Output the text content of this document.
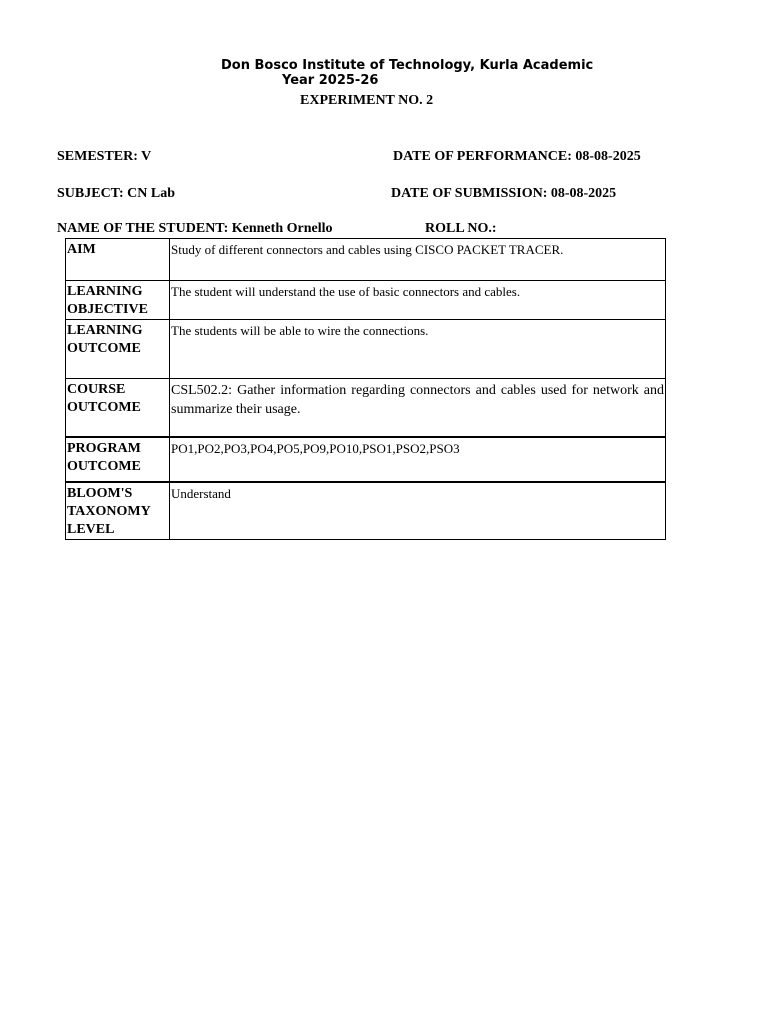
Don Bosco Institute of Technology, Kurla Academic
Year 2025-26
EXPERIMENT NO. 2
SEMESTER: V	DATE OF PERFORMANCE: 08-08-2025
SUBJECT: CN Lab	DATE OF SUBMISSION: 08-08-2025
NAME OF THE STUDENT: Kenneth Ornello	ROLL NO.:
AIM	Study of different connectors and cables using CISCO PACKET TRACER.
LEARNING OBJECTIVE	The student will understand the use of basic connectors and cables.
LEARNING OUTCOME	The students will be able to wire the connections.
COURSE OUTCOME	CSL502.2: Gather information regarding connectors and cables used for network and summarize their usage.
PROGRAM OUTCOME	PO1,PO2,PO3,PO4,PO5,PO9,PO10,PSO1,PSO2,PSO3
BLOOM'S TAXONOMY LEVEL	Understand
